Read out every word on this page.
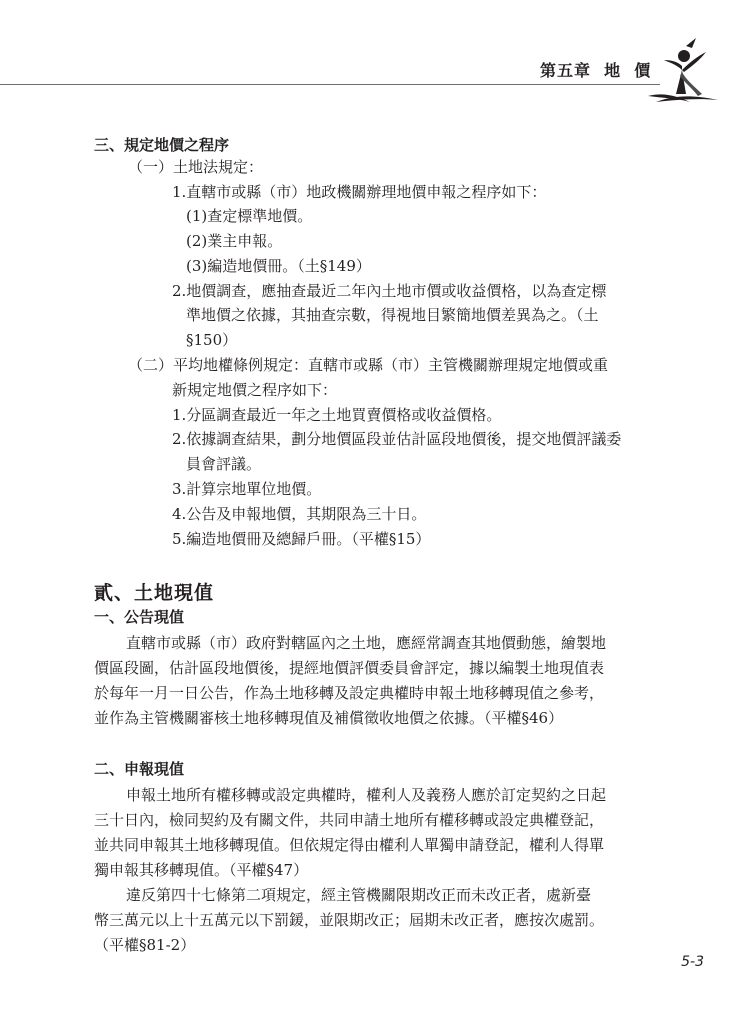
第五章  地  價
三、規定地價之程序
（一）土地法規定：
1.直轄市或縣（市）地政機關辦理地價申報之程序如下：
(1)查定標準地價。
(2)業主申報。
(3)編造地價冊。（土§149）
2.地價調查，應抽查最近二年內土地市價或收益價格，以為查定標
準地價之依據，其抽查宗數，得視地目繁簡地價差異為之。（土
§150）
（二）平均地權條例規定：直轄市或縣（市）主管機關辦理規定地價或重
新規定地價之程序如下：
1.分區調查最近一年之土地買賣價格或收益價格。
2.依據調查結果，劃分地價區段並估計區段地價後，提交地價評議委
員會評議。
3.計算宗地單位地價。
4.公告及申報地價，其期限為三十日。
5.編造地價冊及總歸戶冊。（平權§15）
貳、土地現值
一、公告現值
直轄市或縣（市）政府對轄區內之土地，應經常調查其地價動態，繪製地
價區段圖，估計區段地價後，提經地價評價委員會評定，據以編製土地現值表
於每年一月一日公告，作為土地移轉及設定典權時申報土地移轉現值之參考，
並作為主管機關審核土地移轉現值及補償徵收地價之依據。（平權§46）
二、申報現值
申報土地所有權移轉或設定典權時，權利人及義務人應於訂定契約之日起
三十日內，檢同契約及有關文件，共同申請土地所有權移轉或設定典權登記，
並共同申報其土地移轉現值。但依規定得由權利人單獨申請登記，權利人得單
獨申報其移轉現值。（平權§47）
違反第四十七條第二項規定，經主管機關限期改正而未改正者，處新臺
幣三萬元以上十五萬元以下罰鍰，並限期改正；屆期未改正者，應按次處罰。
（平權§81-2）
5-3
